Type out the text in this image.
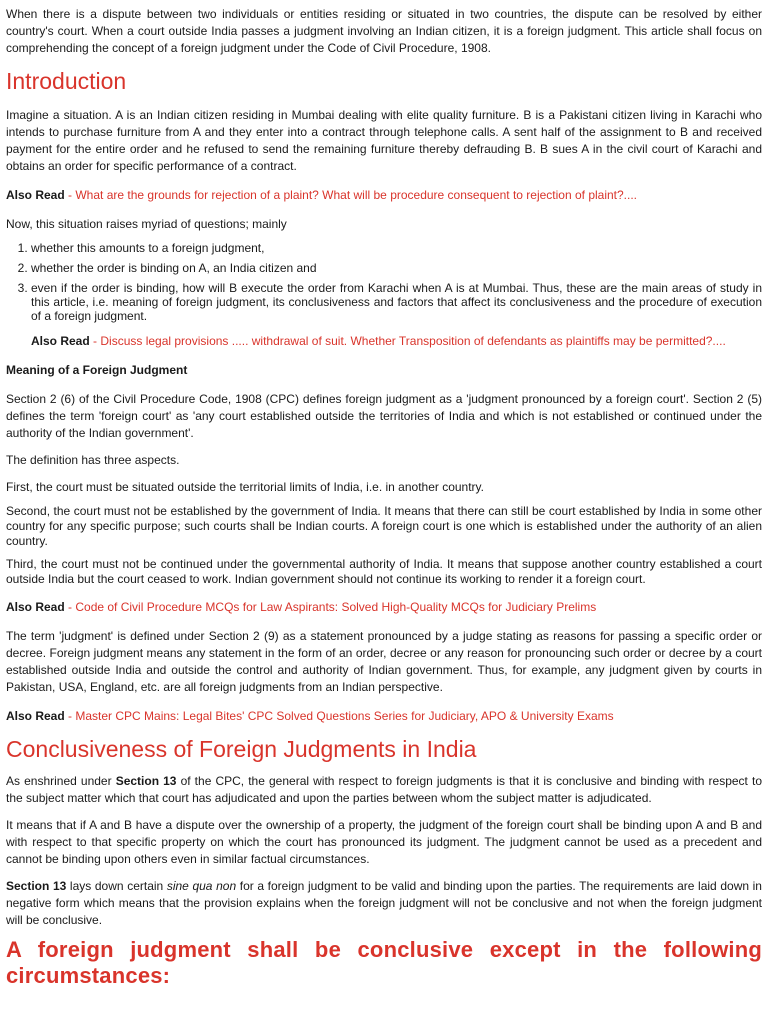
When there is a dispute between two individuals or entities residing or situated in two countries, the dispute can be resolved by either country's court. When a court outside India passes a judgment involving an Indian citizen, it is a foreign judgment. This article shall focus on comprehending the concept of a foreign judgment under the Code of Civil Procedure, 1908.

Introduction

Imagine a situation. A is an Indian citizen residing in Mumbai dealing with elite quality furniture. B is a Pakistani citizen living in Karachi who intends to purchase furniture from A and they enter into a contract through telephone calls. A sent half of the assignment to B and received payment for the entire order and he refused to send the remaining furniture thereby defrauding B. B sues A in the civil court of Karachi and obtains an order for specific performance of a contract.

Also Read - What are the grounds for rejection of a plaint? What will be procedure consequent to rejection of plaint?....

Now, this situation raises myriad of questions; mainly

1. whether this amounts to a foreign judgment,
2. whether the order is binding on A, an India citizen and
3. even if the order is binding, how will B execute the order from Karachi when A is at Mumbai. Thus, these are the main areas of study in this article, i.e. meaning of foreign judgment, its conclusiveness and factors that affect its conclusiveness and the procedure of execution of a foreign judgment.
Also Read - Discuss legal provisions ..... withdrawal of suit. Whether Transposition of defendants as plaintiffs may be permitted?....
Meaning of a Foreign Judgment

Section 2 (6) of the Civil Procedure Code, 1908 (CPC) defines foreign judgment as a 'judgment pronounced by a foreign court'. Section 2 (5) defines the term 'foreign court' as 'any court established outside the territories of India and which is not established or continued under the authority of the Indian government'.

The definition has three aspects.

First, the court must be situated outside the territorial limits of India, i.e. in another country.

Second, the court must not be established by the government of India. It means that there can still be court established by India in some other country for any specific purpose; such courts shall be Indian courts. A foreign court is one which is established under the authority of an alien country.

Third, the court must not be continued under the governmental authority of India. It means that suppose another country established a court outside India but the court ceased to work. Indian government should not continue its working to render it a foreign court.

Also Read - Code of Civil Procedure MCQs for Law Aspirants: Solved High-Quality MCQs for Judiciary Prelims

The term 'judgment' is defined under Section 2 (9) as a statement pronounced by a judge stating as reasons for passing a specific order or decree. Foreign judgment means any statement in the form of an order, decree or any reason for pronouncing such order or decree by a court established outside India and outside the control and authority of Indian government. Thus, for example, any judgment given by courts in Pakistan, USA, England, etc. are all foreign judgments from an Indian perspective.

Also Read - Master CPC Mains: Legal Bites' CPC Solved Questions Series for Judiciary, APO & University Exams
Conclusiveness of Foreign Judgments in India

As enshrined under Section 13 of the CPC, the general with respect to foreign judgments is that it is conclusive and binding with respect to the subject matter which that court has adjudicated and upon the parties between whom the subject matter is adjudicated.

It means that if A and B have a dispute over the ownership of a property, the judgment of the foreign court shall be binding upon A and B and with respect to that specific property on which the court has pronounced its judgment. The judgment cannot be used as a precedent and cannot be binding upon others even in similar factual circumstances.

Section 13 lays down certain sine qua non for a foreign judgment to be valid and binding upon the parties. The requirements are laid down in negative form which means that the provision explains when the foreign judgment will not be conclusive and not when the foreign judgment will be conclusive.

A foreign judgment shall be conclusive except in the following circumstances:
